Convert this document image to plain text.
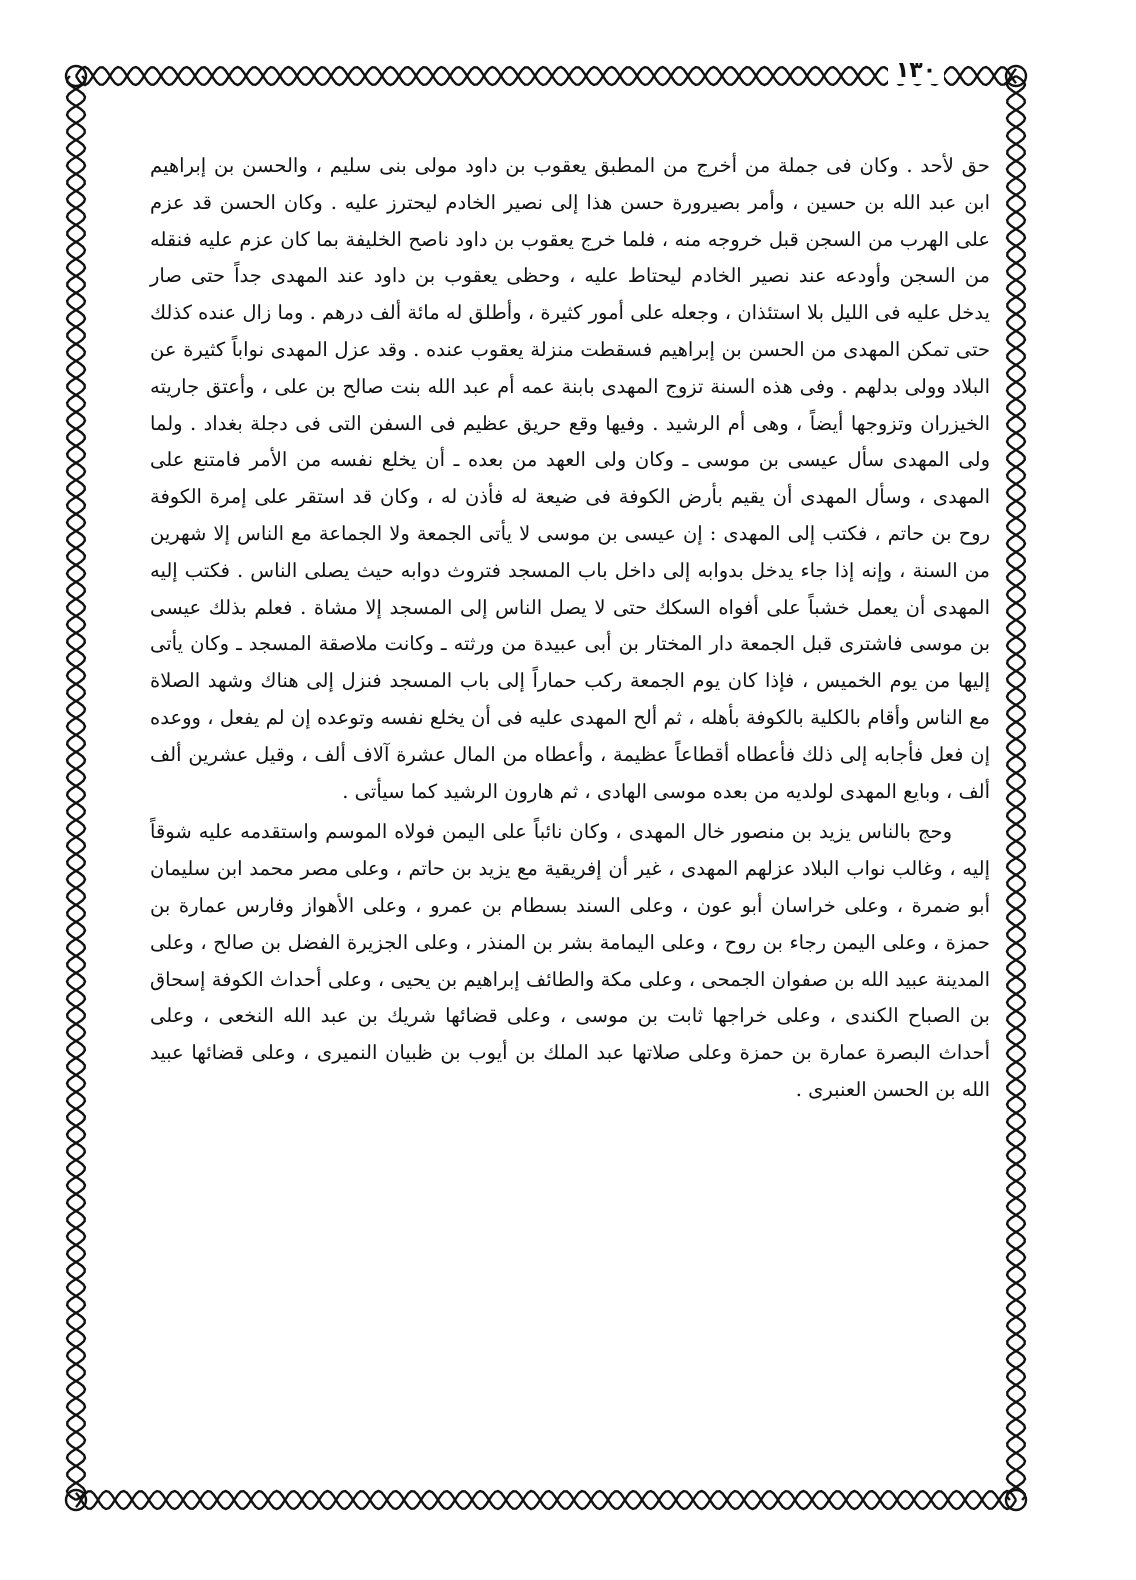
١٣٠

حق لأحد . وكان فى جملة من أخرج من المطبق يعقوب بن داود مولى بنى سليم ، والحسن بن إبراهيم ابن عبد الله بن حسين ، وأمر بصيرورة حسن هذا إلى نصير الخادم ليحترز عليه . وكان الحسن قد عزم على الهرب من السجن قبل خروجه منه ، فلما خرج يعقوب بن داود ناصح الخليفة بما كان عزم عليه فنقله من السجن وأودعه عند نصير الخادم ليحتاط عليه ، وحظى يعقوب بن داود عند المهدى جداً حتى صار يدخل عليه فى الليل بلا استئذان ، وجعله على أمور كثيرة ، وأطلق له مائة ألف درهم . وما زال عنده كذلك حتى تمكن المهدى من الحسن بن إبراهيم فسقطت منزلة يعقوب عنده . وقد عزل المهدى نواباً كثيرة عن البلاد وولى بدلهم . وفى هذه السنة تزوج المهدى بابنة عمه أم عبد الله بنت صالح بن على ، وأعتق جاريته الخيزران وتزوجها أيضاً ، وهى أم الرشيد . وفيها وقع حريق عظيم فى السفن التى فى دجلة بغداد . ولما ولى المهدى سأل عيسى بن موسى ـ وكان ولى العهد من بعده ـ أن يخلع نفسه من الأمر فامتنع على المهدى ، وسأل المهدى أن يقيم بأرض الكوفة فى ضيعة له فأذن له ، وكان قد استقر على إمرة الكوفة روح بن حاتم ، فكتب إلى المهدى : إن عيسى بن موسى لا يأتى الجمعة ولا الجماعة مع الناس إلا شهرين من السنة ، وإنه إذا جاء يدخل بدوابه إلى داخل باب المسجد فتروث دوابه حيث يصلى الناس . فكتب إليه المهدى أن يعمل خشباً على أفواه السكك حتى لا يصل الناس إلى المسجد إلا مشاة . فعلم بذلك عيسى بن موسى فاشترى قبل الجمعة دار المختار بن أبى عبيدة من ورثته ـ وكانت ملاصقة المسجد ـ وكان يأتى إليها من يوم الخميس ، فإذا كان يوم الجمعة ركب حماراً إلى باب المسجد فنزل إلى هناك وشهد الصلاة مع الناس وأقام بالكلية بالكوفة بأهله ، ثم ألح المهدى عليه فى أن يخلع نفسه وتوعده إن لم يفعل ، ووعده إن فعل فأجابه إلى ذلك فأعطاه أقطاعاً عظيمة ، وأعطاه من المال عشرة آلاف ألف ، وقيل عشرين ألف ألف ، وبايع المهدى لولديه من بعده موسى الهادى ، ثم هارون الرشيد كما سيأتى .

وحج بالناس يزيد بن منصور خال المهدى ، وكان نائباً على اليمن فولاه الموسم واستقدمه عليه شوقاً إليه ، وغالب نواب البلاد عزلهم المهدى ، غير أن إفريقية مع يزيد بن حاتم ، وعلى مصر محمد ابن سليمان أبو ضمرة ، وعلى خراسان أبو عون ، وعلى السند بسطام بن عمرو ، وعلى الأهواز وفارس عمارة بن حمزة ، وعلى اليمن رجاء بن روح ، وعلى اليمامة بشر بن المنذر ، وعلى الجزيرة الفضل بن صالح ، وعلى المدينة عبيد الله بن صفوان الجمحى ، وعلى مكة والطائف إبراهيم بن يحيى ، وعلى أحداث الكوفة إسحاق بن الصباح الكندى ، وعلى خراجها ثابت بن موسى ، وعلى قضائها شريك بن عبد الله النخعى ، وعلى أحداث البصرة عمارة بن حمزة وعلى صلاتها عبد الملك بن أيوب بن ظبيان النميرى ، وعلى قضائها عبيد الله بن الحسن العنبرى .
